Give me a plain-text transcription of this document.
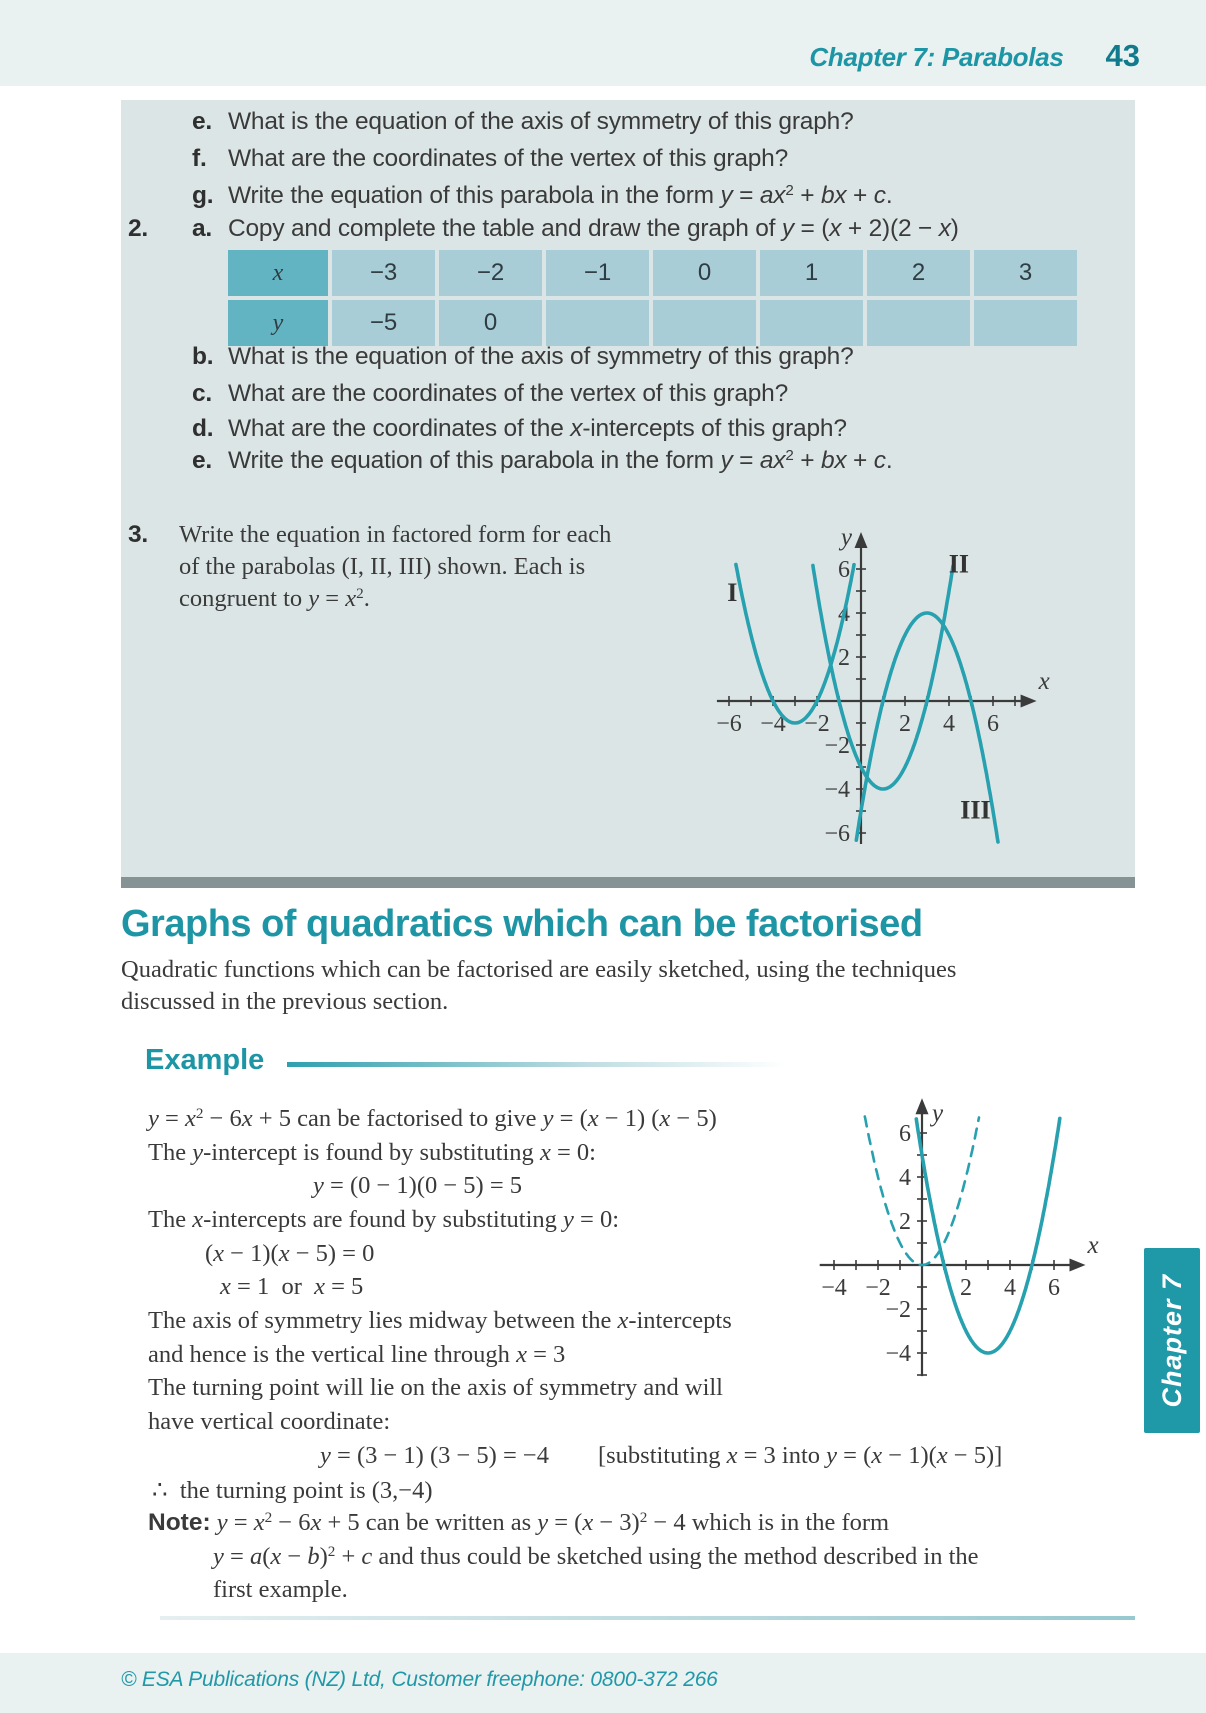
Chapter 7: Parabolas 43
e. What is the equation of the axis of symmetry of this graph?
f. What are the coordinates of the vertex of this graph?
g. Write the equation of this parabola in the form $y = ax^2$ + bx + c.
2. a. Copy and complete the table and draw the graph of y = (x + 2)(2 − x)
x	−3	−2	−1	0	1	2	3
y	−5	0
b. What is the equation of the axis of symmetry of this graph?
c. What are the coordinates of the vertex of this graph?
d. What are the coordinates of the x-intercepts of this graph?
e. Write the equation of this parabola in the form $y = ax^2$ + bx + c.
3. Write the equation in factored form for each
of the parabolas (I, II, III) shown. Each is
congruent to $y = x^2$.
−6 −4 −2	2 4 6
6
4
2
−2
−4
−6
x
y
I
II
III
Graphs of quadratics which can be factorised
Quadratic functions which can be factorised are easily sketched, using the techniques
discussed in the previous section.
Example
$y = x^2 - 6x + 5$ can be factorised to give y = (x − 1) (x − 5)
The y-intercept is found by substituting x = 0:
y = (0 − 1)(0 − 5) = 5
The x-intercepts are found by substituting y = 0:
(x − 1)(x − 5) = 0
x = 1  or  x = 5
The axis of symmetry lies midway between the x-intercepts
and hence is the vertical line through x = 3
The turning point will lie on the axis of symmetry and will
have vertical coordinate:
y = (3 − 1) (3 − 5) = −4  [substituting x = 3 into y = (x − 1)(x − 5)]
∴  the turning point is (3,−4)
Note: $y = x^2 - 6x + 5$ can be written as $y = (x - 3)^2 - 4$ which is in the form
$y = a(x - b)^2 + c$ and thus could be sketched using the method described in the
first example.
−4 −2	2 4 6
6
4
2
−2
−4
x
y
Chapter 7
© ESA Publications (NZ) Ltd, Customer freephone: 0800-372 266
